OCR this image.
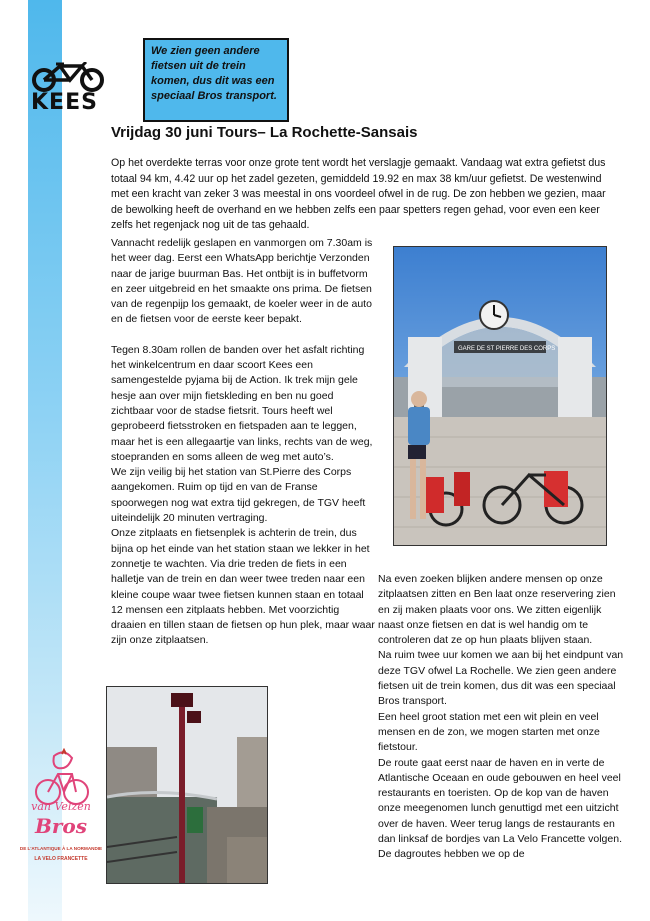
KEES
We zien geen andere fietsen uit de trein komen, dus dit was een speciaal Bros transport.
Vrijdag 30 juni Tours– La Rochette-Sansais
Op het overdekte terras voor onze grote tent wordt het verslagje gemaakt. Vandaag wat extra gefietst dus totaal 94 km, 4.42 uur op het zadel gezeten, gemiddeld 19.92 en max 38 km/uur gefietst. De westenwind met een kracht van zeker 3 was meestal in ons voordeel ofwel in de rug. De zon hebben we gezien, maar de bewolking heeft de overhand en we hebben zelfs een paar spetters regen gehad, voor even een keer zelfs het regenjack nog uit de tas gehaald.

Vannacht redelijk geslapen en vanmorgen om 7.30am is het weer dag. Eerst een WhatsApp berichtje Verzonden naar de jarige buurman Bas. Het ontbijt is in buffetvorm en zeer uitgebreid en het smaakte ons prima. De fietsen van de regenpijp los gemaakt, de koeler weer in de auto en de fietsen voor de eerste keer bepakt.

Tegen 8.30am rollen de banden over het asfalt richting het winkelcentrum en daar scoort Kees een samengestelde pyjama bij de Action. Ik trek mijn gele hesje aan over mijn fietskleding en ben nu goed zichtbaar voor de stadse fietsrit. Tours heeft wel geprobeerd fietsstroken en fietspaden aan te leggen, maar het is een allegaartje van links, rechts van de weg, stoepranden en soms alleen de weg met auto’s.

We zijn veilig bij het station van St.Pierre des Corps aangekomen. Ruim op tijd en van de Franse spoorwegen nog wat extra tijd gekregen, de TGV heeft uiteindelijk 20 minuten vertraging.

Onze zitplaats en fietsenplek is achterin de trein, dus bijna op het einde van het station staan we lekker in het zonnetje te wachten. Via drie treden de fiets in een halletje van de trein en dan weer twee treden naar een kleine coupe waar twee fietsen kunnen staan en totaal 12 mensen een zitplaats hebben. Met voorzichtig draaien en tillen staan de fietsen op hun plek, maar waar zijn onze zitplaatsen.

GARE DE ST PIERRE DES CORPS

Na even zoeken blijken andere mensen op onze zitplaatsen zitten en Ben laat onze reservering zien en zij maken plaats voor ons. We zitten eigenlijk naast onze fietsen en dat is wel handig om te controleren dat ze op hun plaats blijven staan.

Na ruim twee uur komen we aan bij het eindpunt van deze TGV ofwel La Rochelle. We zien geen andere fietsen uit de trein komen, dus dit was een speciaal Bros transport.

Een heel groot station met een wit plein en veel mensen en de zon, we mogen starten met onze fietstour.

De route gaat eerst naar de haven en in verte de Atlantische Oceaan en oude gebouwen en heel veel restaurants en toeristen. Op de kop van de haven onze meegenomen lunch genuttigd met een uitzicht over de haven. Weer terug langs de restaurants en dan linksaf de bordjes van La Velo Francette volgen. De dagroutes hebben we op de

van Velzen
Bros
DE L'ATLANTIQUE À LA NORMANDIE
LA VELO FRANCETTE
